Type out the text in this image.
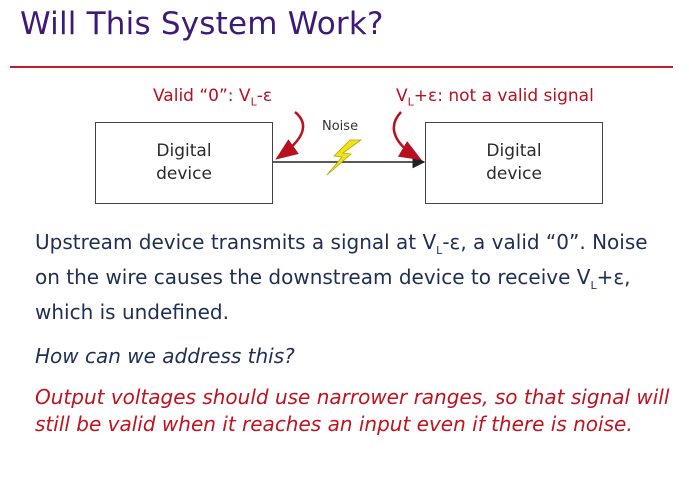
Will This System Work?
Valid “0”: $V_L-\varepsilon$	$V_L+\varepsilon$: not a valid signal
Noise
Digital
device
Digital
device
Upstream device transmits a signal at $V_L-\varepsilon$, a valid “0”. Noise on the wire causes the downstream device to receive $V_L+\varepsilon$, which is undefined.
How can we address this?
Output voltages should use narrower ranges, so that signal will still be valid when it reaches an input even if there is noise.
